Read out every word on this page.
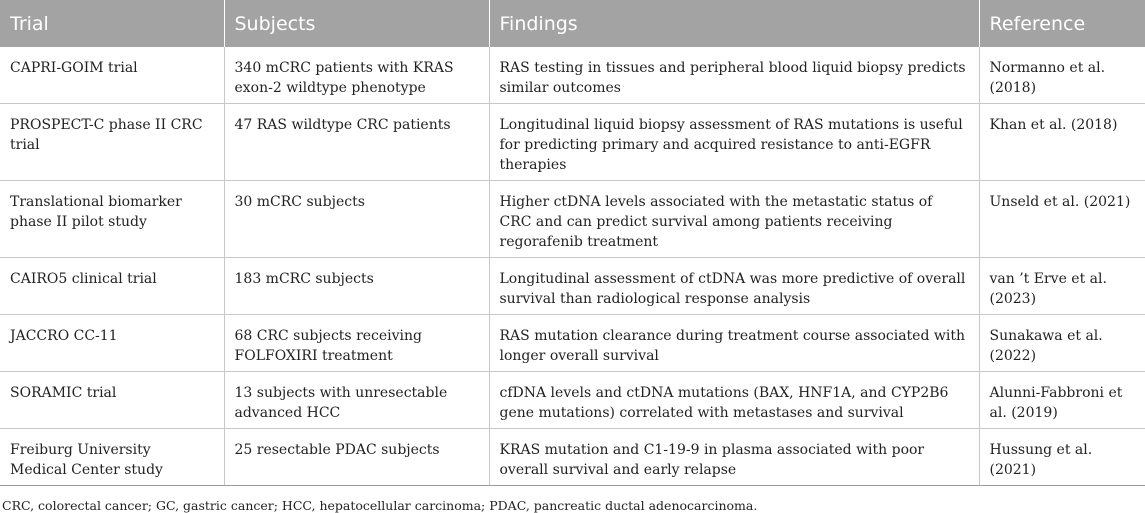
Trial	Subjects	Findings	Reference
CAPRI-GOIM trial	340 mCRC patients with KRAS exon-2 wildtype phenotype	RAS testing in tissues and peripheral blood liquid biopsy predicts similar outcomes	Normanno et al. (2018)
PROSPECT-C phase II CRC trial	47 RAS wildtype CRC patients	Longitudinal liquid biopsy assessment of RAS mutations is useful for predicting primary and acquired resistance to anti-EGFR therapies	Khan et al. (2018)
Translational biomarker phase II pilot study	30 mCRC subjects	Higher ctDNA levels associated with the metastatic status of CRC and can predict survival among patients receiving regorafenib treatment	Unseld et al. (2021)
CAIRO5 clinical trial	183 mCRC subjects	Longitudinal assessment of ctDNA was more predictive of overall survival than radiological response analysis	van ’t Erve et al. (2023)
JACCRO CC-11	68 CRC subjects receiving FOLFOXIRI treatment	RAS mutation clearance during treatment course associated with longer overall survival	Sunakawa et al. (2022)
SORAMIC trial	13 subjects with unresectable advanced HCC	cfDNA levels and ctDNA mutations (BAX, HNF1A, and CYP2B6 gene mutations) correlated with metastases and survival	Alunni-Fabbroni et al. (2019)
Freiburg University Medical Center study	25 resectable PDAC subjects	KRAS mutation and C1-19-9 in plasma associated with poor overall survival and early relapse	Hussung et al. (2021)
CRC, colorectal cancer; GC, gastric cancer; HCC, hepatocellular carcinoma; PDAC, pancreatic ductal adenocarcinoma.
